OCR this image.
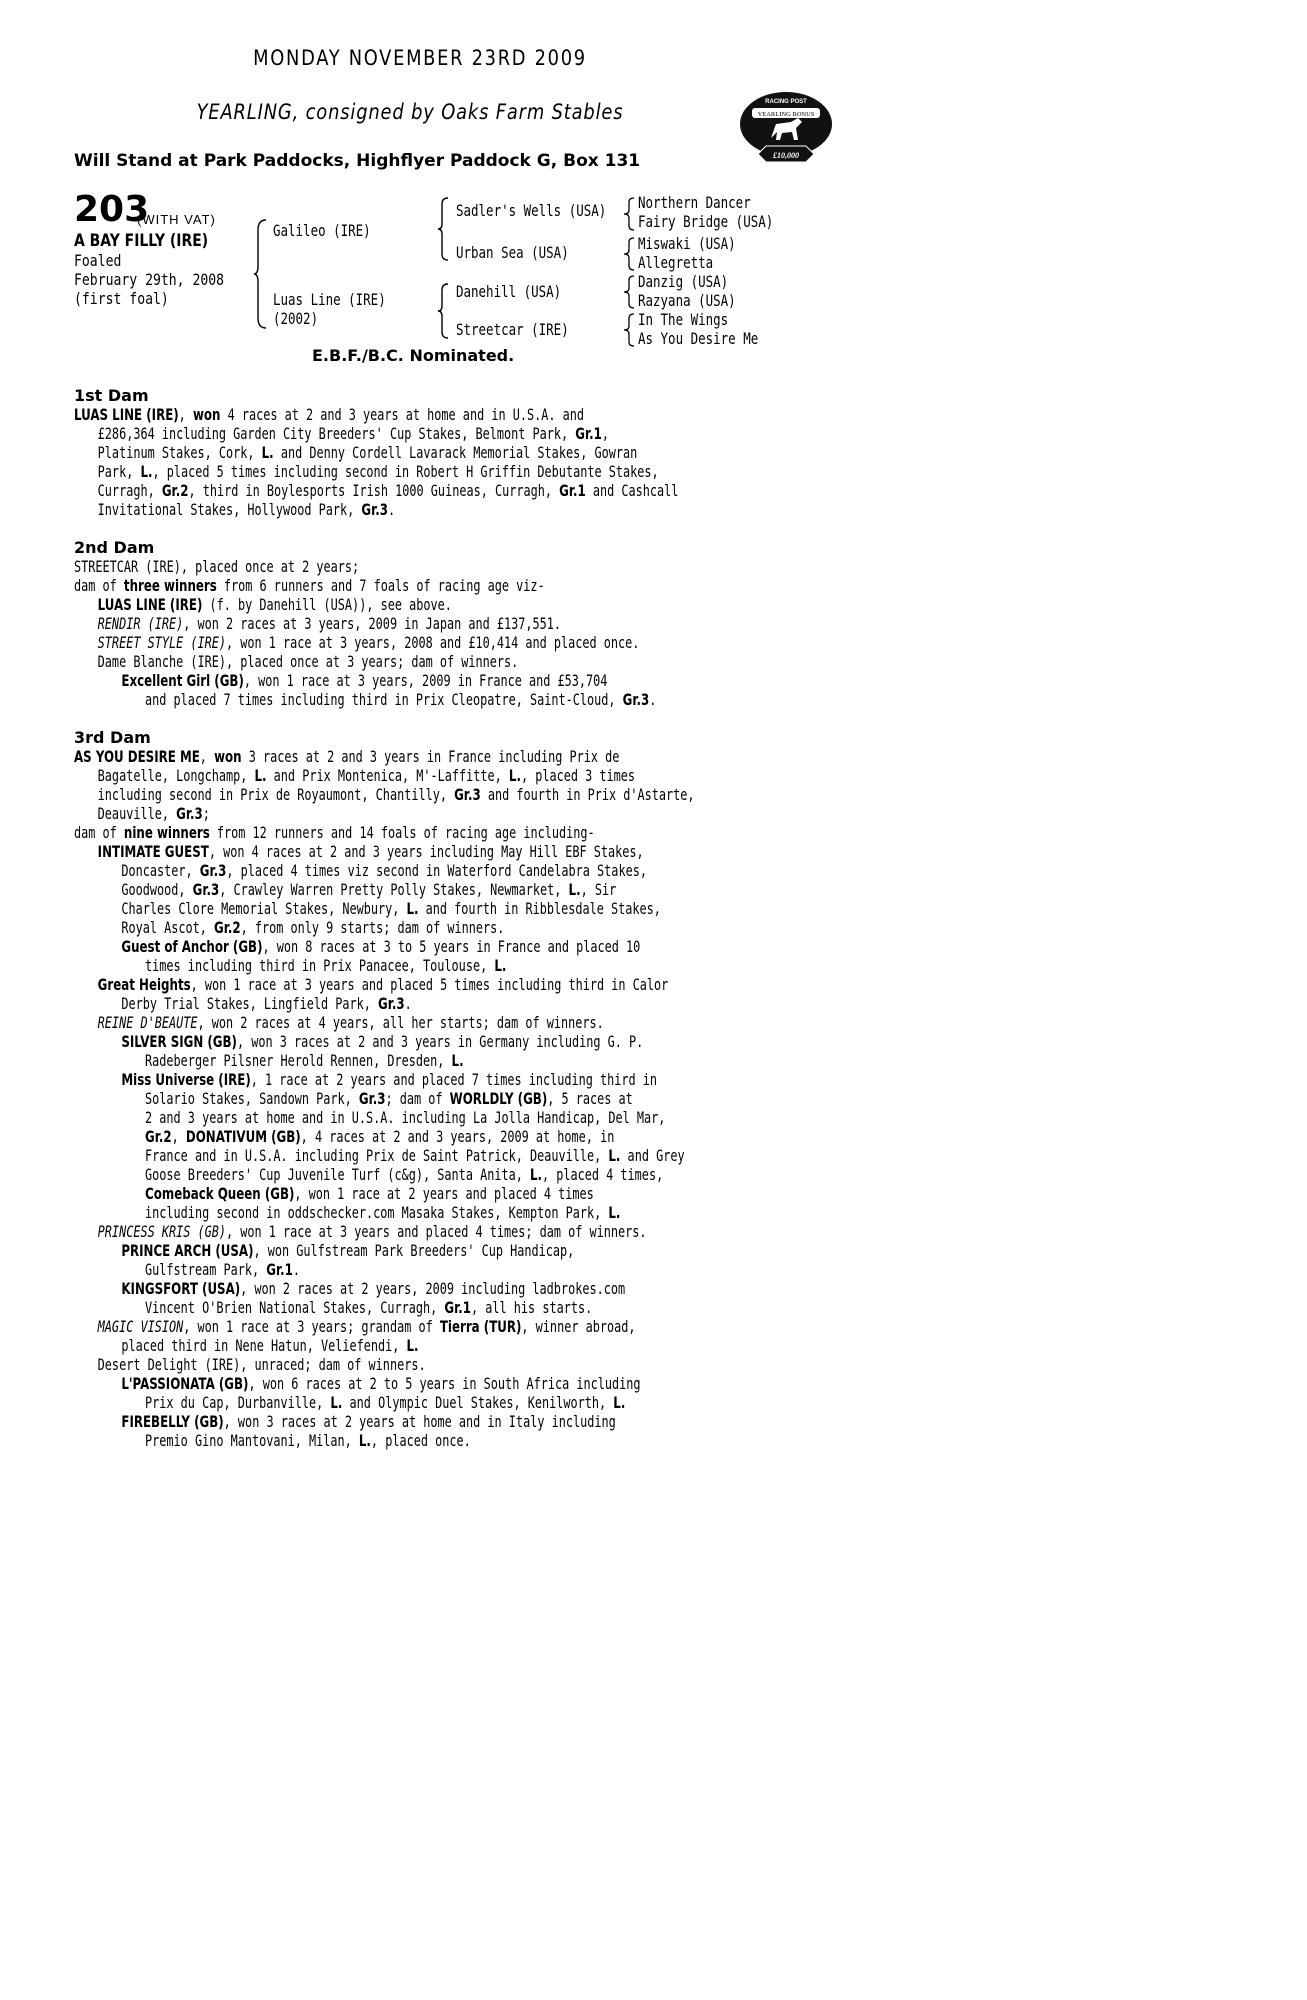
MONDAY NOVEMBER 23RD 2009
YEARLING, consigned by Oaks Farm Stables
Will Stand at Park Paddocks, Highflyer Paddock G, Box 131
RACING POST
YEARLING BONUS
£10,000
203
(WITH VAT)
A BAY FILLY (IRE)
Foaled
February 29th, 2008
(first foal)
Galileo (IRE)
Luas Line (IRE)
(2002)
Sadler's Wells (USA)
Urban Sea (USA)
Danehill (USA)
Streetcar (IRE)
Northern Dancer
Fairy Bridge (USA)
Miswaki (USA)
Allegretta
Danzig (USA)
Razyana (USA)
In The Wings
As You Desire Me
E.B.F./B.C. Nominated.
1st Dam
LUAS LINE (IRE), won 4 races at 2 and 3 years at home and in U.S.A. and
£286,364 including Garden City Breeders' Cup Stakes, Belmont Park, Gr.1,
Platinum Stakes, Cork, L. and Denny Cordell Lavarack Memorial Stakes, Gowran
Park, L., placed 5 times including second in Robert H Griffin Debutante Stakes,
Curragh, Gr.2, third in Boylesports Irish 1000 Guineas, Curragh, Gr.1 and Cashcall
Invitational Stakes, Hollywood Park, Gr.3.
2nd Dam
STREETCAR (IRE), placed once at 2 years;
dam of three winners from 6 runners and 7 foals of racing age viz-
LUAS LINE (IRE) (f. by Danehill (USA)), see above.
RENDIR (IRE), won 2 races at 3 years, 2009 in Japan and £137,551.
STREET STYLE (IRE), won 1 race at 3 years, 2008 and £10,414 and placed once.
Dame Blanche (IRE), placed once at 3 years; dam of winners.
Excellent Girl (GB), won 1 race at 3 years, 2009 in France and £53,704
and placed 7 times including third in Prix Cleopatre, Saint-Cloud, Gr.3.
3rd Dam
AS YOU DESIRE ME, won 3 races at 2 and 3 years in France including Prix de
Bagatelle, Longchamp, L. and Prix Montenica, M'-Laffitte, L., placed 3 times
including second in Prix de Royaumont, Chantilly, Gr.3 and fourth in Prix d'Astarte,
Deauville, Gr.3;
dam of nine winners from 12 runners and 14 foals of racing age including-
INTIMATE GUEST, won 4 races at 2 and 3 years including May Hill EBF Stakes,
Doncaster, Gr.3, placed 4 times viz second in Waterford Candelabra Stakes,
Goodwood, Gr.3, Crawley Warren Pretty Polly Stakes, Newmarket, L., Sir
Charles Clore Memorial Stakes, Newbury, L. and fourth in Ribblesdale Stakes,
Royal Ascot, Gr.2, from only 9 starts; dam of winners.
Guest of Anchor (GB), won 8 races at 3 to 5 years in France and placed 10
times including third in Prix Panacee, Toulouse, L.
Great Heights, won 1 race at 3 years and placed 5 times including third in Calor
Derby Trial Stakes, Lingfield Park, Gr.3.
REINE D'BEAUTE, won 2 races at 4 years, all her starts; dam of winners.
SILVER SIGN (GB), won 3 races at 2 and 3 years in Germany including G. P.
Radeberger Pilsner Herold Rennen, Dresden, L.
Miss Universe (IRE), 1 race at 2 years and placed 7 times including third in
Solario Stakes, Sandown Park, Gr.3; dam of WORLDLY (GB), 5 races at
2 and 3 years at home and in U.S.A. including La Jolla Handicap, Del Mar,
Gr.2, DONATIVUM (GB), 4 races at 2 and 3 years, 2009 at home, in
France and in U.S.A. including Prix de Saint Patrick, Deauville, L. and Grey
Goose Breeders' Cup Juvenile Turf (c&g), Santa Anita, L., placed 4 times,
Comeback Queen (GB), won 1 race at 2 years and placed 4 times
including second in oddschecker.com Masaka Stakes, Kempton Park, L.
PRINCESS KRIS (GB), won 1 race at 3 years and placed 4 times; dam of winners.
PRINCE ARCH (USA), won Gulfstream Park Breeders' Cup Handicap,
Gulfstream Park, Gr.1.
KINGSFORT (USA), won 2 races at 2 years, 2009 including ladbrokes.com
Vincent O'Brien National Stakes, Curragh, Gr.1, all his starts.
MAGIC VISION, won 1 race at 3 years; grandam of Tierra (TUR), winner abroad,
placed third in Nene Hatun, Veliefendi, L.
Desert Delight (IRE), unraced; dam of winners.
L'PASSIONATA (GB), won 6 races at 2 to 5 years in South Africa including
Prix du Cap, Durbanville, L. and Olympic Duel Stakes, Kenilworth, L.
FIREBELLY (GB), won 3 races at 2 years at home and in Italy including
Premio Gino Mantovani, Milan, L., placed once.
